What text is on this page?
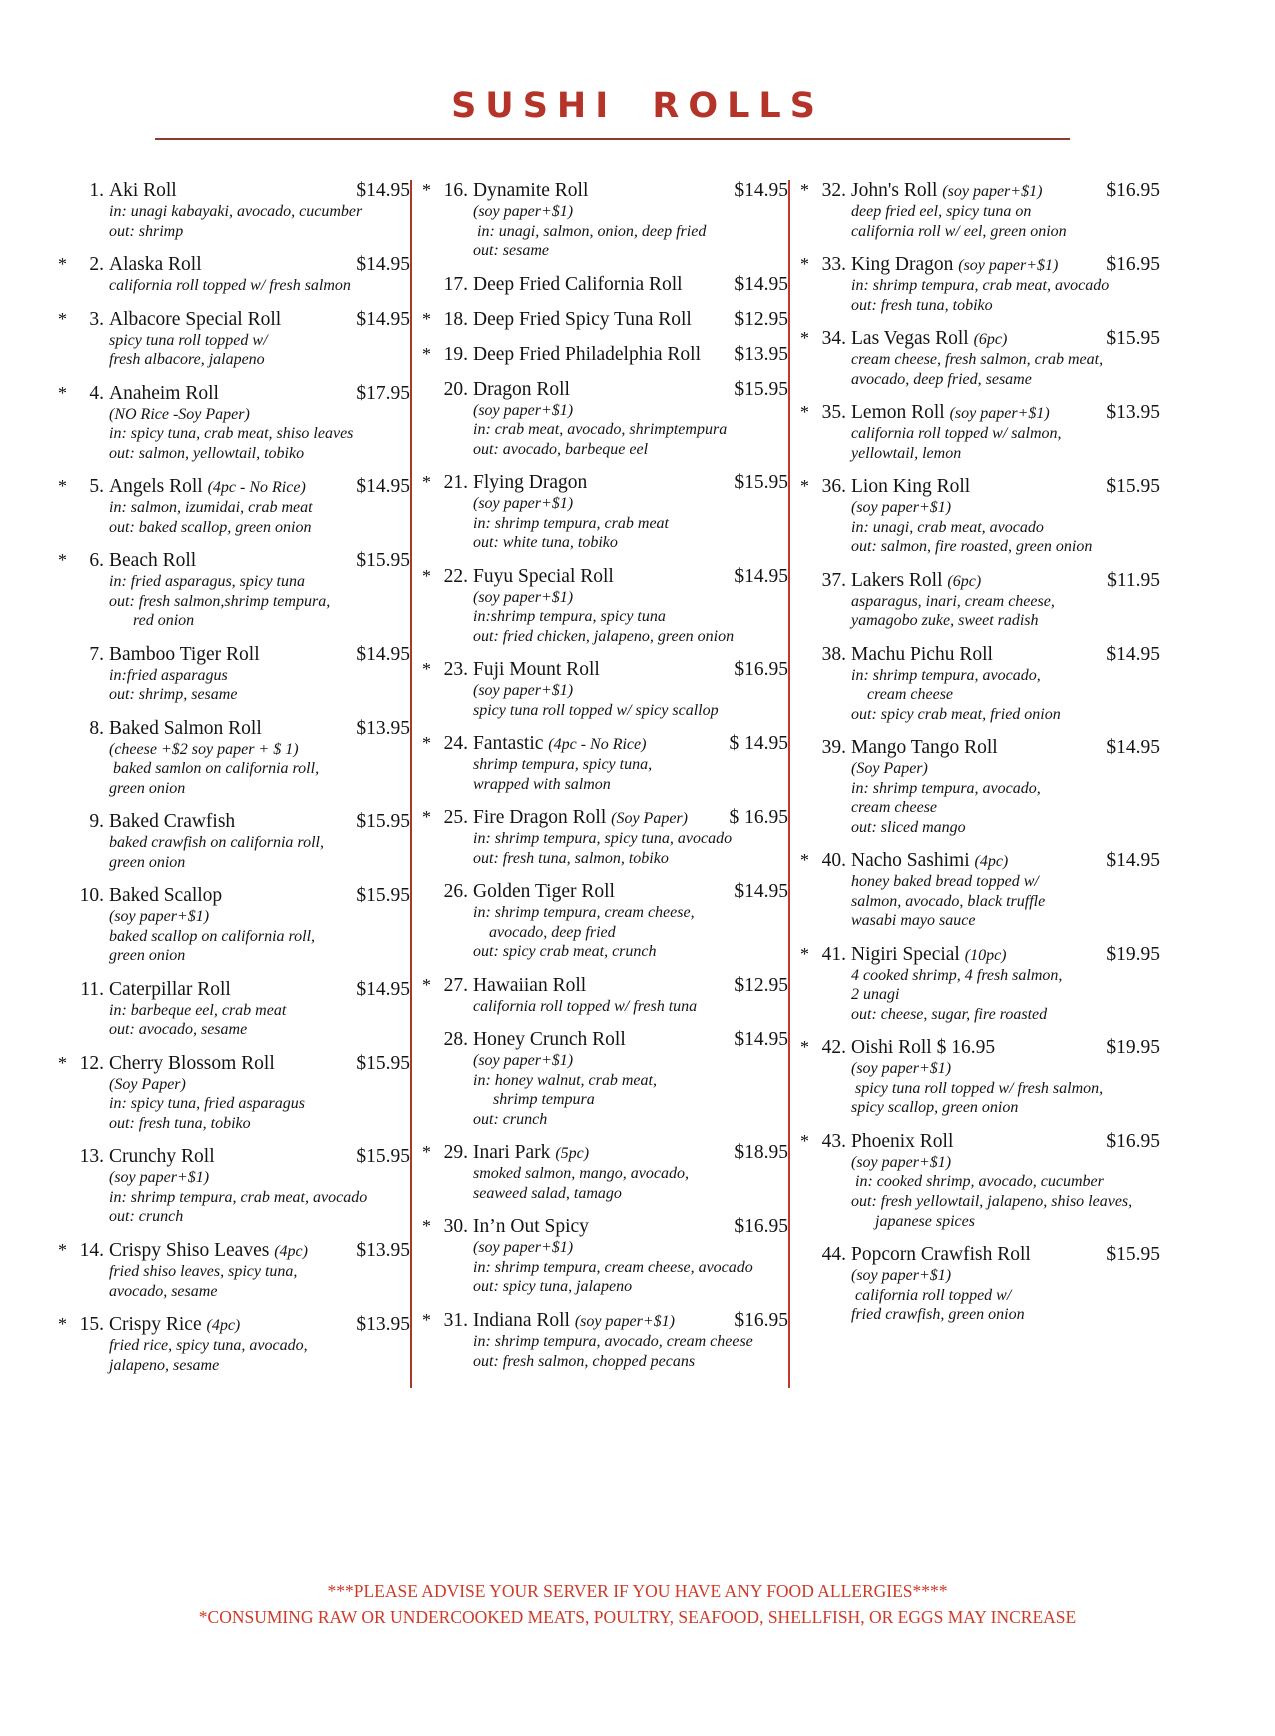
SUSHI ROLLS
1. Aki Roll	$14.95
in: unagi kabayaki, avocado, cucumber
out: shrimp
*	2. Alaska Roll	$14.95
california roll topped w/ fresh salmon
*	3. Albacore Special Roll	$14.95
spicy tuna roll topped w/
fresh albacore, jalapeno
*	4. Anaheim Roll	$17.95
(NO Rice -Soy Paper)
in: spicy tuna, crab meat, shiso leaves
out: salmon, yellowtail, tobiko
*	5. Angels Roll (4pc - No Rice)	$14.95
in: salmon, izumidai, crab meat
out: baked scallop, green onion
*	6. Beach Roll	$15.95
in: fried asparagus, spicy tuna
out: fresh salmon,shrimp tempura,
red onion
7. Bamboo Tiger Roll	$14.95
in:fried asparagus
out: shrimp, sesame
8. Baked Salmon Roll	$13.95
(cheese +$2 soy paper + $ 1)
baked samlon on california roll,
green onion
9. Baked Crawfish	$15.95
baked crawfish on california roll,
green onion
10. Baked Scallop	$15.95
(soy paper+$1)
baked scallop on california roll,
green onion
11. Caterpillar Roll	$14.95
in: barbeque eel, crab meat
out: avocado, sesame
* 12. Cherry Blossom Roll	$15.95
(Soy Paper)
in: spicy tuna, fried asparagus
out: fresh tuna, tobiko
13. Crunchy Roll	$15.95
(soy paper+$1)
in: shrimp tempura, crab meat, avocado
out: crunch
* 14. Crispy Shiso Leaves (4pc)	$13.95
fried shiso leaves, spicy tuna,
avocado, sesame
* 15. Crispy Rice (4pc)	$13.95
fried rice, spicy tuna, avocado,
jalapeno, sesame
* 16. Dynamite Roll	$14.95
(soy paper+$1)
in: unagi, salmon, onion, deep fried
out: sesame
17. Deep Fried California Roll	$14.95
* 18. Deep Fried Spicy Tuna Roll	$12.95
* 19. Deep Fried Philadelphia Roll	$13.95
20. Dragon Roll	$15.95
(soy paper+$1)
in: crab meat, avocado, shrimptempura
out: avocado, barbeque eel
* 21. Flying Dragon	$15.95
(soy paper+$1)
in: shrimp tempura, crab meat
out: white tuna, tobiko
* 22. Fuyu Special Roll	$14.95
(soy paper+$1)
in:shrimp tempura, spicy tuna
out: fried chicken, jalapeno, green onion
* 23. Fuji Mount Roll	$16.95
(soy paper+$1)
spicy tuna roll topped w/ spicy scallop
* 24. Fantastic (4pc - No Rice)	$ 14.95
shrimp tempura, spicy tuna,
wrapped with salmon
* 25. Fire Dragon Roll (Soy Paper)	$ 16.95
in: shrimp tempura, spicy tuna, avocado
out: fresh tuna, salmon, tobiko
26. Golden Tiger Roll	$14.95
in: shrimp tempura, cream cheese,
avocado, deep fried
out: spicy crab meat, crunch
* 27. Hawaiian Roll	$12.95
california roll topped w/ fresh tuna
28. Honey Crunch Roll	$14.95
(soy paper+$1)
in: honey walnut, crab meat,
shrimp tempura
out: crunch
* 29. Inari Park (5pc)	$18.95
smoked salmon, mango, avocado,
seaweed salad, tamago
* 30. In’n Out Spicy	$16.95
(soy paper+$1)
in: shrimp tempura, cream cheese, avocado
out: spicy tuna, jalapeno
* 31. Indiana Roll (soy paper+$1)	$16.95
in: shrimp tempura, avocado, cream cheese
out: fresh salmon, chopped pecans
* 32. John's Roll (soy paper+$1)	$16.95
deep fried eel, spicy tuna on
california roll w/ eel, green onion
* 33. King Dragon (soy paper+$1)	$16.95
in: shrimp tempura, crab meat, avocado
out: fresh tuna, tobiko
* 34. Las Vegas Roll (6pc)	$15.95
cream cheese, fresh salmon, crab meat,
avocado, deep fried, sesame
* 35. Lemon Roll (soy paper+$1)	$13.95
california roll topped w/ salmon,
yellowtail, lemon
* 36. Lion King Roll	$15.95
(soy paper+$1)
in: unagi, crab meat, avocado
out: salmon, fire roasted, green onion
37. Lakers Roll (6pc)	$11.95
asparagus, inari, cream cheese,
yamagobo zuke, sweet radish
38. Machu Pichu Roll	$14.95
in: shrimp tempura, avocado,
cream cheese
out: spicy crab meat, fried onion
39. Mango Tango Roll	$14.95
(Soy Paper)
in: shrimp tempura, avocado,
cream cheese
out: sliced mango
* 40. Nacho Sashimi (4pc)	$14.95
honey baked bread topped w/
salmon, avocado, black truffle
wasabi mayo sauce
* 41. Nigiri Special (10pc)	$19.95
4 cooked shrimp, 4 fresh salmon,
2 unagi
out: cheese, sugar, fire roasted
* 42. Oishi Roll $ 16.95	$19.95
(soy paper+$1)
spicy tuna roll topped w/ fresh salmon,
spicy scallop, green onion
* 43. Phoenix Roll	$16.95
(soy paper+$1)
in: cooked shrimp, avocado, cucumber
out: fresh yellowtail, jalapeno, shiso leaves,
japanese spices
44. Popcorn Crawfish Roll	$15.95
(soy paper+$1)
california roll topped w/
fried crawfish, green onion
***PLEASE ADVISE YOUR SERVER IF YOU HAVE ANY FOOD ALLERGIES****
*CONSUMING RAW OR UNDERCOOKED MEATS, POULTRY, SEAFOOD, SHELLFISH, OR EGGS MAY INCREASE
